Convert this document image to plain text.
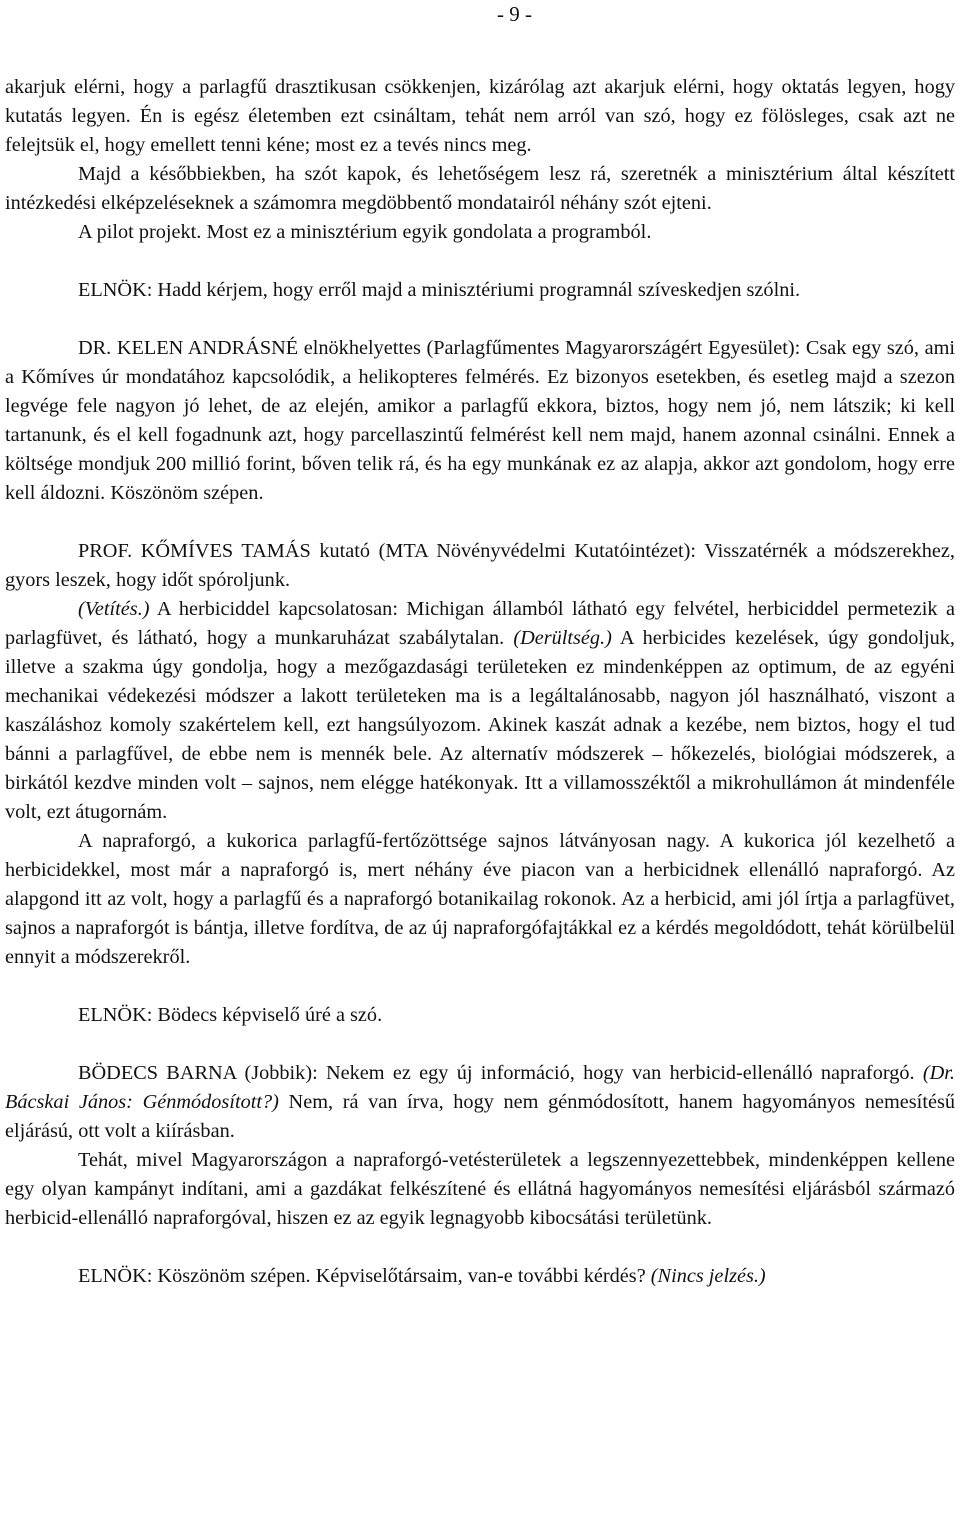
- 9 -

akarjuk elérni, hogy a parlagfű drasztikusan csökkenjen, kizárólag azt akarjuk elérni, hogy oktatás legyen, hogy kutatás legyen. Én is egész életemben ezt csináltam, tehát nem arról van szó, hogy ez fölösleges, csak azt ne felejtsük el, hogy emellett tenni kéne; most ez a tevés nincs meg.

Majd a későbbiekben, ha szót kapok, és lehetőségem lesz rá, szeretnék a minisztérium által készített intézkedési elképzeléseknek a számomra megdöbbentő mondatairól néhány szót ejteni.

A pilot projekt. Most ez a minisztérium egyik gondolata a programból.

ELNÖK: Hadd kérjem, hogy erről majd a minisztériumi programnál szíveskedjen szólni.

DR. KELEN ANDRÁSNÉ elnökhelyettes (Parlagfűmentes Magyarországért Egyesület): Csak egy szó, ami a Kőmíves úr mondatához kapcsolódik, a helikopteres felmérés. Ez bizonyos esetekben, és esetleg majd a szezon legvége fele nagyon jó lehet, de az elején, amikor a parlagfű ekkora, biztos, hogy nem jó, nem látszik; ki kell tartanunk, és el kell fogadnunk azt, hogy parcellaszintű felmérést kell nem majd, hanem azonnal csinálni. Ennek a költsége mondjuk 200 millió forint, bőven telik rá, és ha egy munkának ez az alapja, akkor azt gondolom, hogy erre kell áldozni. Köszönöm szépen.

PROF. KŐMÍVES TAMÁS kutató (MTA Növényvédelmi Kutatóintézet): Visszatérnék a módszerekhez, gyors leszek, hogy időt spóroljunk.

(Vetítés.) A herbiciddel kapcsolatosan: Michigan államból látható egy felvétel, herbiciddel permetezik a parlagfüvet, és látható, hogy a munkaruházat szabálytalan. (Derültség.) A herbicides kezelések, úgy gondoljuk, illetve a szakma úgy gondolja, hogy a mezőgazdasági területeken ez mindenképpen az optimum, de az egyéni mechanikai védekezési módszer a lakott területeken ma is a legáltalánosabb, nagyon jól használható, viszont a kaszáláshoz komoly szakértelem kell, ezt hangsúlyozom. Akinek kaszát adnak a kezébe, nem biztos, hogy el tud bánni a parlagfűvel, de ebbe nem is mennék bele. Az alternatív módszerek – hőkezelés, biológiai módszerek, a birkától kezdve minden volt – sajnos, nem elégge hatékonyak. Itt a villamosszéktől a mikrohullámon át mindenféle volt, ezt átugornám.

A napraforgó, a kukorica parlagfű-fertőzöttsége sajnos látványosan nagy. A kukorica jól kezelhető a herbicidekkel, most már a napraforgó is, mert néhány éve piacon van a herbicidnek ellenálló napraforgó. Az alapgond itt az volt, hogy a parlagfű és a napraforgó botanikailag rokonok. Az a herbicid, ami jól írtja a parlagfüvet, sajnos a napraforgót is bántja, illetve fordítva, de az új napraforgófajtákkal ez a kérdés megoldódott, tehát körülbelül ennyit a módszerekről.

ELNÖK: Bödecs képviselő úré a szó.

BÖDECS BARNA (Jobbik): Nekem ez egy új információ, hogy van herbicid-ellenálló napraforgó. (Dr. Bácskai János: Génmódosított?) Nem, rá van írva, hogy nem génmódosított, hanem hagyományos nemesítésű eljárású, ott volt a kiírásban.

Tehát, mivel Magyarországon a napraforgó-vetésterületek a legszennyezettebbek, mindenképpen kellene egy olyan kampányt indítani, ami a gazdákat felkészítené és ellátná hagyományos nemesítési eljárásból származó herbicid-ellenálló napraforgóval, hiszen ez az egyik legnagyobb kibocsátási területünk.

ELNÖK: Köszönöm szépen. Képviselőtársaim, van-e további kérdés? (Nincs jelzés.)
